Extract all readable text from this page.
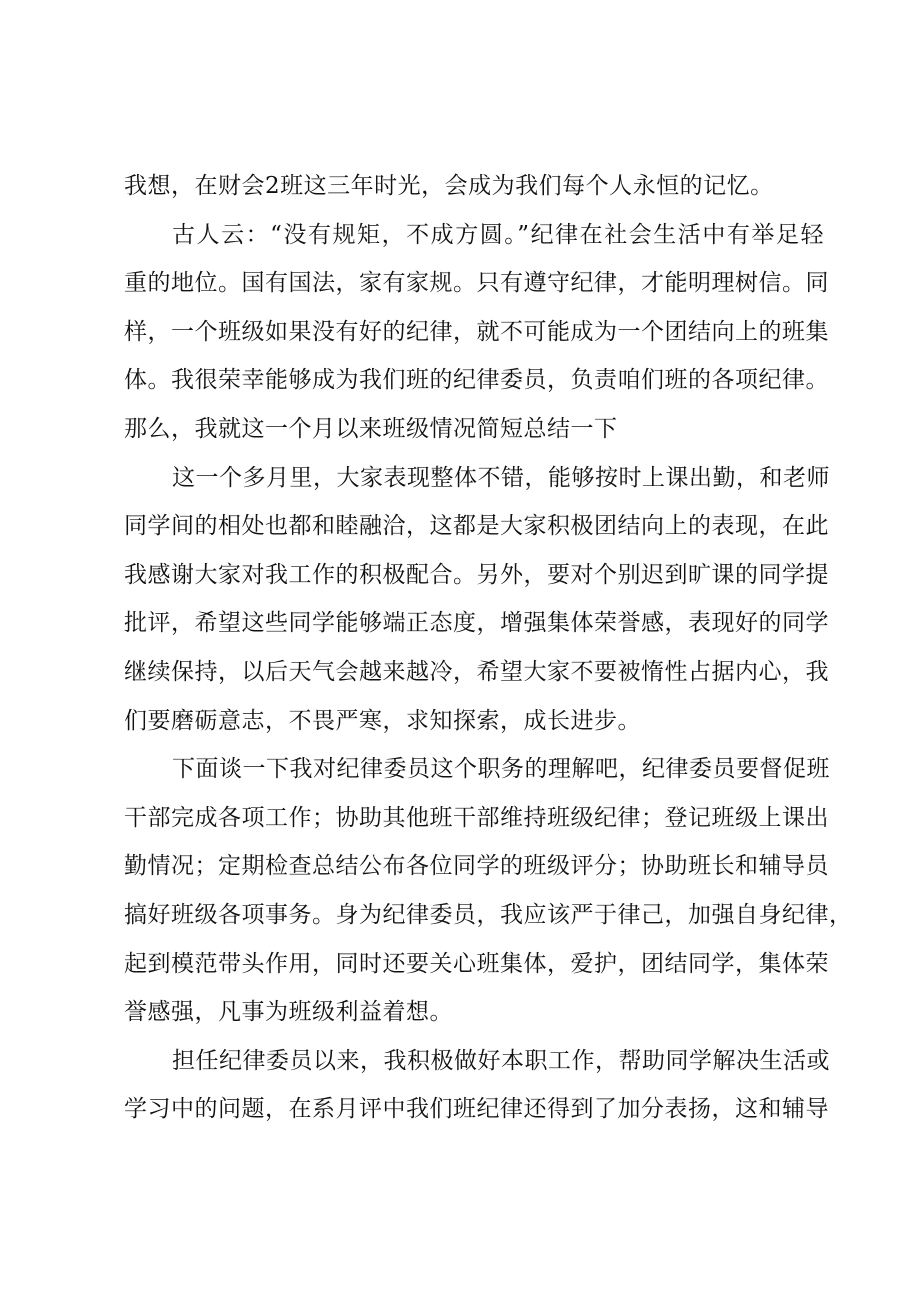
我想，在财会2班这三年时光，会成为我们每个人永恒的记忆。
古人云：“没有规矩，不成方圆。”纪律在社会生活中有举足轻
重的地位。国有国法，家有家规。只有遵守纪律，才能明理树信。同
样，一个班级如果没有好的纪律，就不可能成为一个团结向上的班集
体。我很荣幸能够成为我们班的纪律委员，负责咱们班的各项纪律。
那么，我就这一个月以来班级情况简短总结一下
这一个多月里，大家表现整体不错，能够按时上课出勤，和老师
同学间的相处也都和睦融洽，这都是大家积极团结向上的表现，在此
我感谢大家对我工作的积极配合。另外，要对个别迟到旷课的同学提
批评，希望这些同学能够端正态度，增强集体荣誉感，表现好的同学
继续保持，以后天气会越来越冷，希望大家不要被惰性占据内心，我
们要磨砺意志，不畏严寒，求知探索，成长进步。
下面谈一下我对纪律委员这个职务的理解吧，纪律委员要督促班
干部完成各项工作；协助其他班干部维持班级纪律；登记班级上课出
勤情况；定期检查总结公布各位同学的班级评分；协助班长和辅导员
搞好班级各项事务。身为纪律委员，我应该严于律己，加强自身纪律，
起到模范带头作用，同时还要关心班集体，爱护，团结同学，集体荣
誉感强，凡事为班级利益着想。
担任纪律委员以来，我积极做好本职工作，帮助同学解决生活或
学习中的问题，在系月评中我们班纪律还得到了加分表扬，这和辅导
